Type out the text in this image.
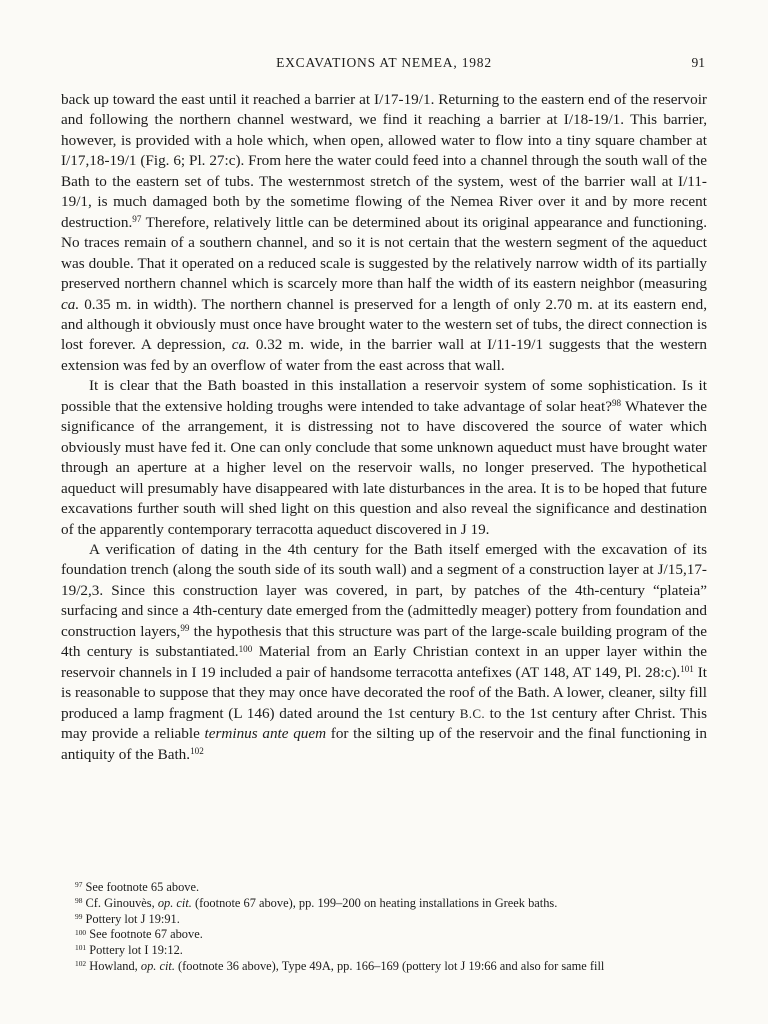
EXCAVATIONS AT NEMEA, 1982	91

back up toward the east until it reached a barrier at I/17-19/1. Returning to the eastern end of the reservoir and following the northern channel westward, we find it reaching a barrier at I/18-19/1. This barrier, however, is provided with a hole which, when open, allowed water to flow into a tiny square chamber at I/17,18-19/1 (Fig. 6; Pl. 27:c). From here the water could feed into a channel through the south wall of the Bath to the eastern set of tubs. The westernmost stretch of the system, west of the barrier wall at I/11-19/1, is much damaged both by the sometime flowing of the Nemea River over it and by more recent destruction.$^{97}$ Therefore, relatively little can be determined about its original appearance and functioning. No traces remain of a southern channel, and so it is not certain that the western segment of the aqueduct was double. That it operated on a reduced scale is suggested by the relatively narrow width of its partially preserved northern channel which is scarcely more than half the width of its eastern neighbor (measuring ca. 0.35 m. in width). The northern channel is preserved for a length of only 2.70 m. at its eastern end, and although it obviously must once have brought water to the western set of tubs, the direct connection is lost forever. A depression, ca. 0.32 m. wide, in the barrier wall at I/11-19/1 suggests that the western extension was fed by an overflow of water from the east across that wall.

It is clear that the Bath boasted in this installation a reservoir system of some sophistication. Is it possible that the extensive holding troughs were intended to take advantage of solar heat?$^{98}$ Whatever the significance of the arrangement, it is distressing not to have discovered the source of water which obviously must have fed it. One can only conclude that some unknown aqueduct must have brought water through an aperture at a higher level on the reservoir walls, no longer preserved. The hypothetical aqueduct will presumably have disappeared with late disturbances in the area. It is to be hoped that future excavations further south will shed light on this question and also reveal the significance and destination of the apparently contemporary terracotta aqueduct discovered in J 19.

A verification of dating in the 4th century for the Bath itself emerged with the excavation of its foundation trench (along the south side of its south wall) and a segment of a construction layer at J/15,17-19/2,3. Since this construction layer was covered, in part, by patches of the 4th-century “plateia” surfacing and since a 4th-century date emerged from the (admittedly meager) pottery from foundation and construction layers,$^{99}$ the hypothesis that this structure was part of the large-scale building program of the 4th century is substantiated.$^{100}$ Material from an Early Christian context in an upper layer within the reservoir channels in I 19 included a pair of handsome terracotta antefixes (AT 148, AT 149, Pl. 28:c).$^{101}$ It is reasonable to suppose that they may once have decorated the roof of the Bath. A lower, cleaner, silty fill produced a lamp fragment (L 146) dated around the 1st century B.C. to the 1st century after Christ. This may provide a reliable terminus ante quem for the silting up of the reservoir and the final functioning in antiquity of the Bath.$^{102}$

$^{97}$ See footnote 65 above.

$^{98}$ Cf. Ginouvès, op. cit. (footnote 67 above), pp. 199–200 on heating installations in Greek baths.

$^{99}$ Pottery lot J 19:91.

$^{100}$ See footnote 67 above.

$^{101}$ Pottery lot I 19:12.

$^{102}$ Howland, op. cit. (footnote 36 above), Type 49A, pp. 166–169 (pottery lot J 19:66 and also for same fill
